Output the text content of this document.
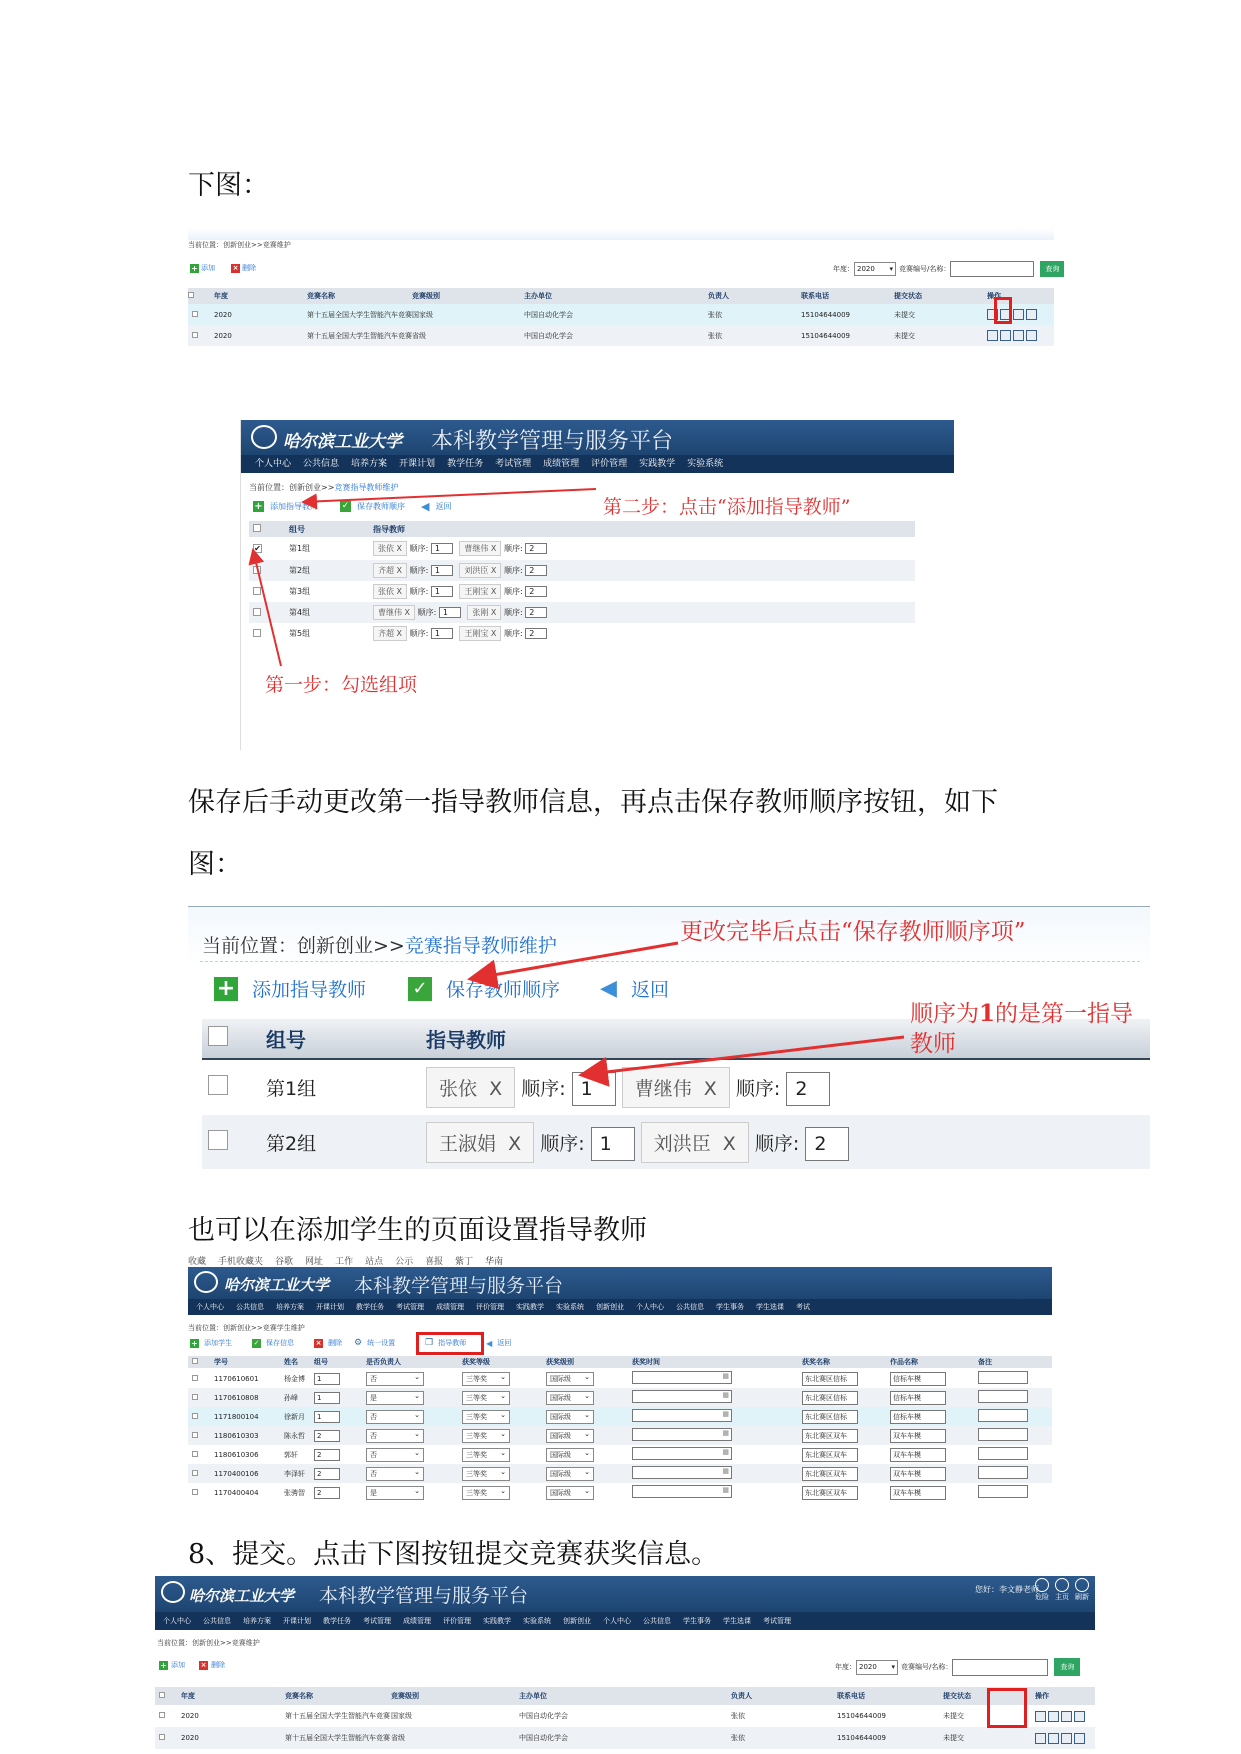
下图：
当前位置：创新创业>>竞赛维护
+ 添加	× 删除	年度： 2020 ▾ 竞赛编号/名称：	查询
	年度	竞赛名称	竞赛级别	主办单位	负责人	联系电话	提交状态	操作
	2020	第十五届全国大学生智能汽车竞赛	国家级	中国自动化学会	张依	15104644009	未提交	
	2020	第十五届全国大学生智能汽车竞赛	省级	中国自动化学会	张依	15104644009	未提交	
哈尔滨工业大学 本科教学管理与服务平台
个人中心	公共信息	培养方案	开课计划	教学任务	考试管理	成绩管理	评价管理	实践教学	实验系统
当前位置：创新创业>>竞赛指导教师维护
+ 添加指导教师	✓ 保存教师顺序 ◀ 返回
	组号	指导教师
✔	第1组	张依 X 顺序: 1 曹继伟 X 顺序: 2
	第2组	齐超 X 顺序: 1 刘洪臣 X 顺序: 2
	第3组	张依 X 顺序: 1 王刚宝 X 顺序: 2
	第4组	曹继伟 X 顺序: 1 张刚 X 顺序: 2
	第5组	齐超 X 顺序: 1 王刚宝 X 顺序: 2
第二步：点击“添加指导教师”
第一步：勾选组项
保存后手动更改第一指导教师信息，再点击保存教师顺序按钮，如下
图：
当前位置：创新创业>>竞赛指导教师维护
+ 添加指导教师	✓ 保存教师顺序 ◀ 返回
	组号	指导教师
	第1组	张依 X 顺序: 1 曹继伟 X 顺序: 2
	第2组	王淑娟 X 顺序: 1 刘洪臣 X 顺序: 2
更改完毕后点击“保存教师顺序项”
顺序为1的是第一指导
教师
也可以在添加学生的页面设置指导教师
收藏 手机收藏夹 谷歌 网址 工作 站点 公示 喜报 紫丁 华南
哈尔滨工业大学 本科教学管理与服务平台
个人中心	公共信息	培养方案	开课计划	教学任务	考试管理	成绩管理	评价管理	实践教学	实验系统	创新创业	个人中心	公共信息	学生事务	学生选课	考试
当前位置：创新创业>>竞赛学生维护
+ 添加学生	✓ 保存信息	× 删除 ⚙ 统一设置	❐ 指导教师	◀ 返回
	学号	姓名	组号	是否负责人	获奖等级	获奖级别	获奖时间	获奖名称	作品名称	备注
1170610601	杨金博	1	否	⌄	三等奖 ⌄	国际级 ⌄	▦	东北赛区信标	信标车模
1170610808	孙峰	1	是	⌄	三等奖 ⌄	国际级 ⌄	▦	东北赛区信标	信标车模
1171800104	徐新月	1	否	⌄	三等奖 ⌄	国际级 ⌄	▦	东北赛区信标	信标车模
1180610303	陈永哲	2	否	⌄	三等奖 ⌄	国际级 ⌄	▦	东北赛区双车	双车车模
1180610306	郭轩	2	否	⌄	三等奖 ⌄	国际级 ⌄	▦	东北赛区双车	双车车模
1170400106	李泽轩	2	否	⌄	三等奖 ⌄	国际级 ⌄	▦	东北赛区双车	双车车模
1170400404	张骋智	2	是	⌄	三等奖 ⌄	国际级 ⌄	▦	东北赛区双车	双车车模
8、提交。点击下图按钮提交竞赛获奖信息。
哈尔滨工业大学 本科教学管理与服务平台	您好：李文静老师
危险 主页 刷新 退出
个人中心	公共信息	培养方案	开课计划	教学任务	考试管理	成绩管理	评价管理	实践教学	实验系统	创新创业	个人中心	公共信息	学生事务	学生选课	考试管理
当前位置：创新创业>>竞赛维护
+ 添加 × 删除	年度： 2020 ▾ 竞赛编号/名称：	查询
	年度	竞赛名称	竞赛级别	主办单位	负责人	联系电话	提交状态	操作
	2020	第十五届全国大学生智能汽车竞赛	国家级	中国自动化学会	张依	15104644009	未提交	
	2020	第十五届全国大学生智能汽车竞赛	省级	中国自动化学会	张依	15104644009	未提交	
